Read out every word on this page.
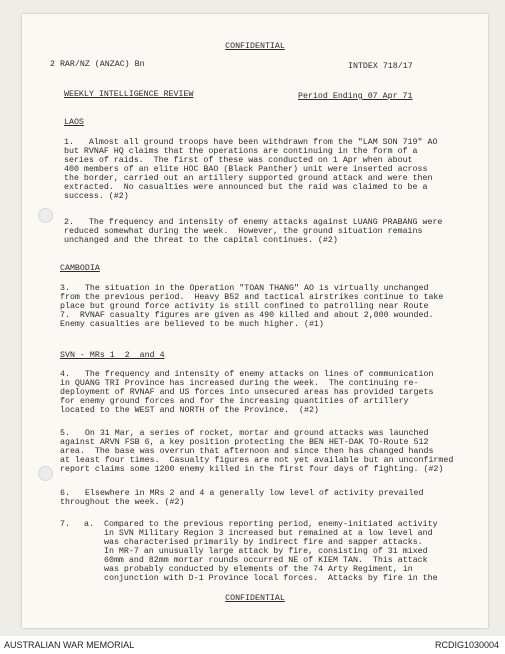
CONFIDENTIAL
2 RAR/NZ (ANZAC) Bn	INTDEX 718/17
WEEKLY INTELLIGENCE REVIEW	Period Ending 07 Apr 71
LAOS
1.   Almost all ground troops have been withdrawn from the "LAM SON 719" AO
but RVNAF HQ claims that the operations are continuing in the form of a
series of raids.  The first of these was conducted on 1 Apr when about
400 members of an elite HOC BAO (Black Panther) unit were inserted across
the border, carried out an artillery supported ground attack and were then
extracted.  No casualties were announced but the raid was claimed to be a
success. (#2)
2.   The frequency and intensity of enemy attacks against LUANG PRABANG were
reduced somewhat during the week.  However, the ground situation remains
unchanged and the threat to the capital continues. (#2)
CAMBODIA
3.   The situation in the Operation "TOAN THANG" AO is virtually unchanged
from the previous period.  Heavy B52 and tactical airstrikes continue to take
place but ground force activity is still confined to patrolling near Route
7.  RVNAF casualty figures are given as 490 killed and about 2,000 wounded.
Enemy casualties are believed to be much higher. (#1)
SVN - MRs 1  2  and 4
4.   The frequency and intensity of enemy attacks on lines of communication
in QUANG TRI Province has increased during the week.  The continuing re-
deployment of RVNAF and US forces into unsecured areas has provided targets
for enemy ground forces and for the increasing quantities of artillery
located to the WEST and NORTH of the Province.  (#2)
5.   On 31 Mar, a series of rocket, mortar and ground attacks was launched
against ARVN FSB 6, a key position protecting the BEN HET-DAK TO-Route 512
area.  The base was overrun that afternoon and since then has changed hands
at least four times.  Casualty figures are not yet available but an unconfirmed
report claims some 1200 enemy killed in the first four days of fighting. (#2)
6.   Elsewhere in MRs 2 and 4 a generally low level of activity prevailed
throughout the week. (#2)
7. a. Compared to the previous reporting period, enemy-initiated activity
in SVN Military Region 3 increased but remained at a low level and
was characterised primarily by indirect fire and sapper attacks.
In MR-7 an unusually large attack by fire, consisting of 31 mixed
60mm and 82mm mortar rounds occurred NE of KIEM TAN.  This attack
was probably conducted by elements of the 74 Arty Regiment, in
conjunction with D-1 Province local forces.  Attacks by fire in the
CONFIDENTIAL
AUSTRALIAN WAR MEMORIAL	RCDIG1030004
